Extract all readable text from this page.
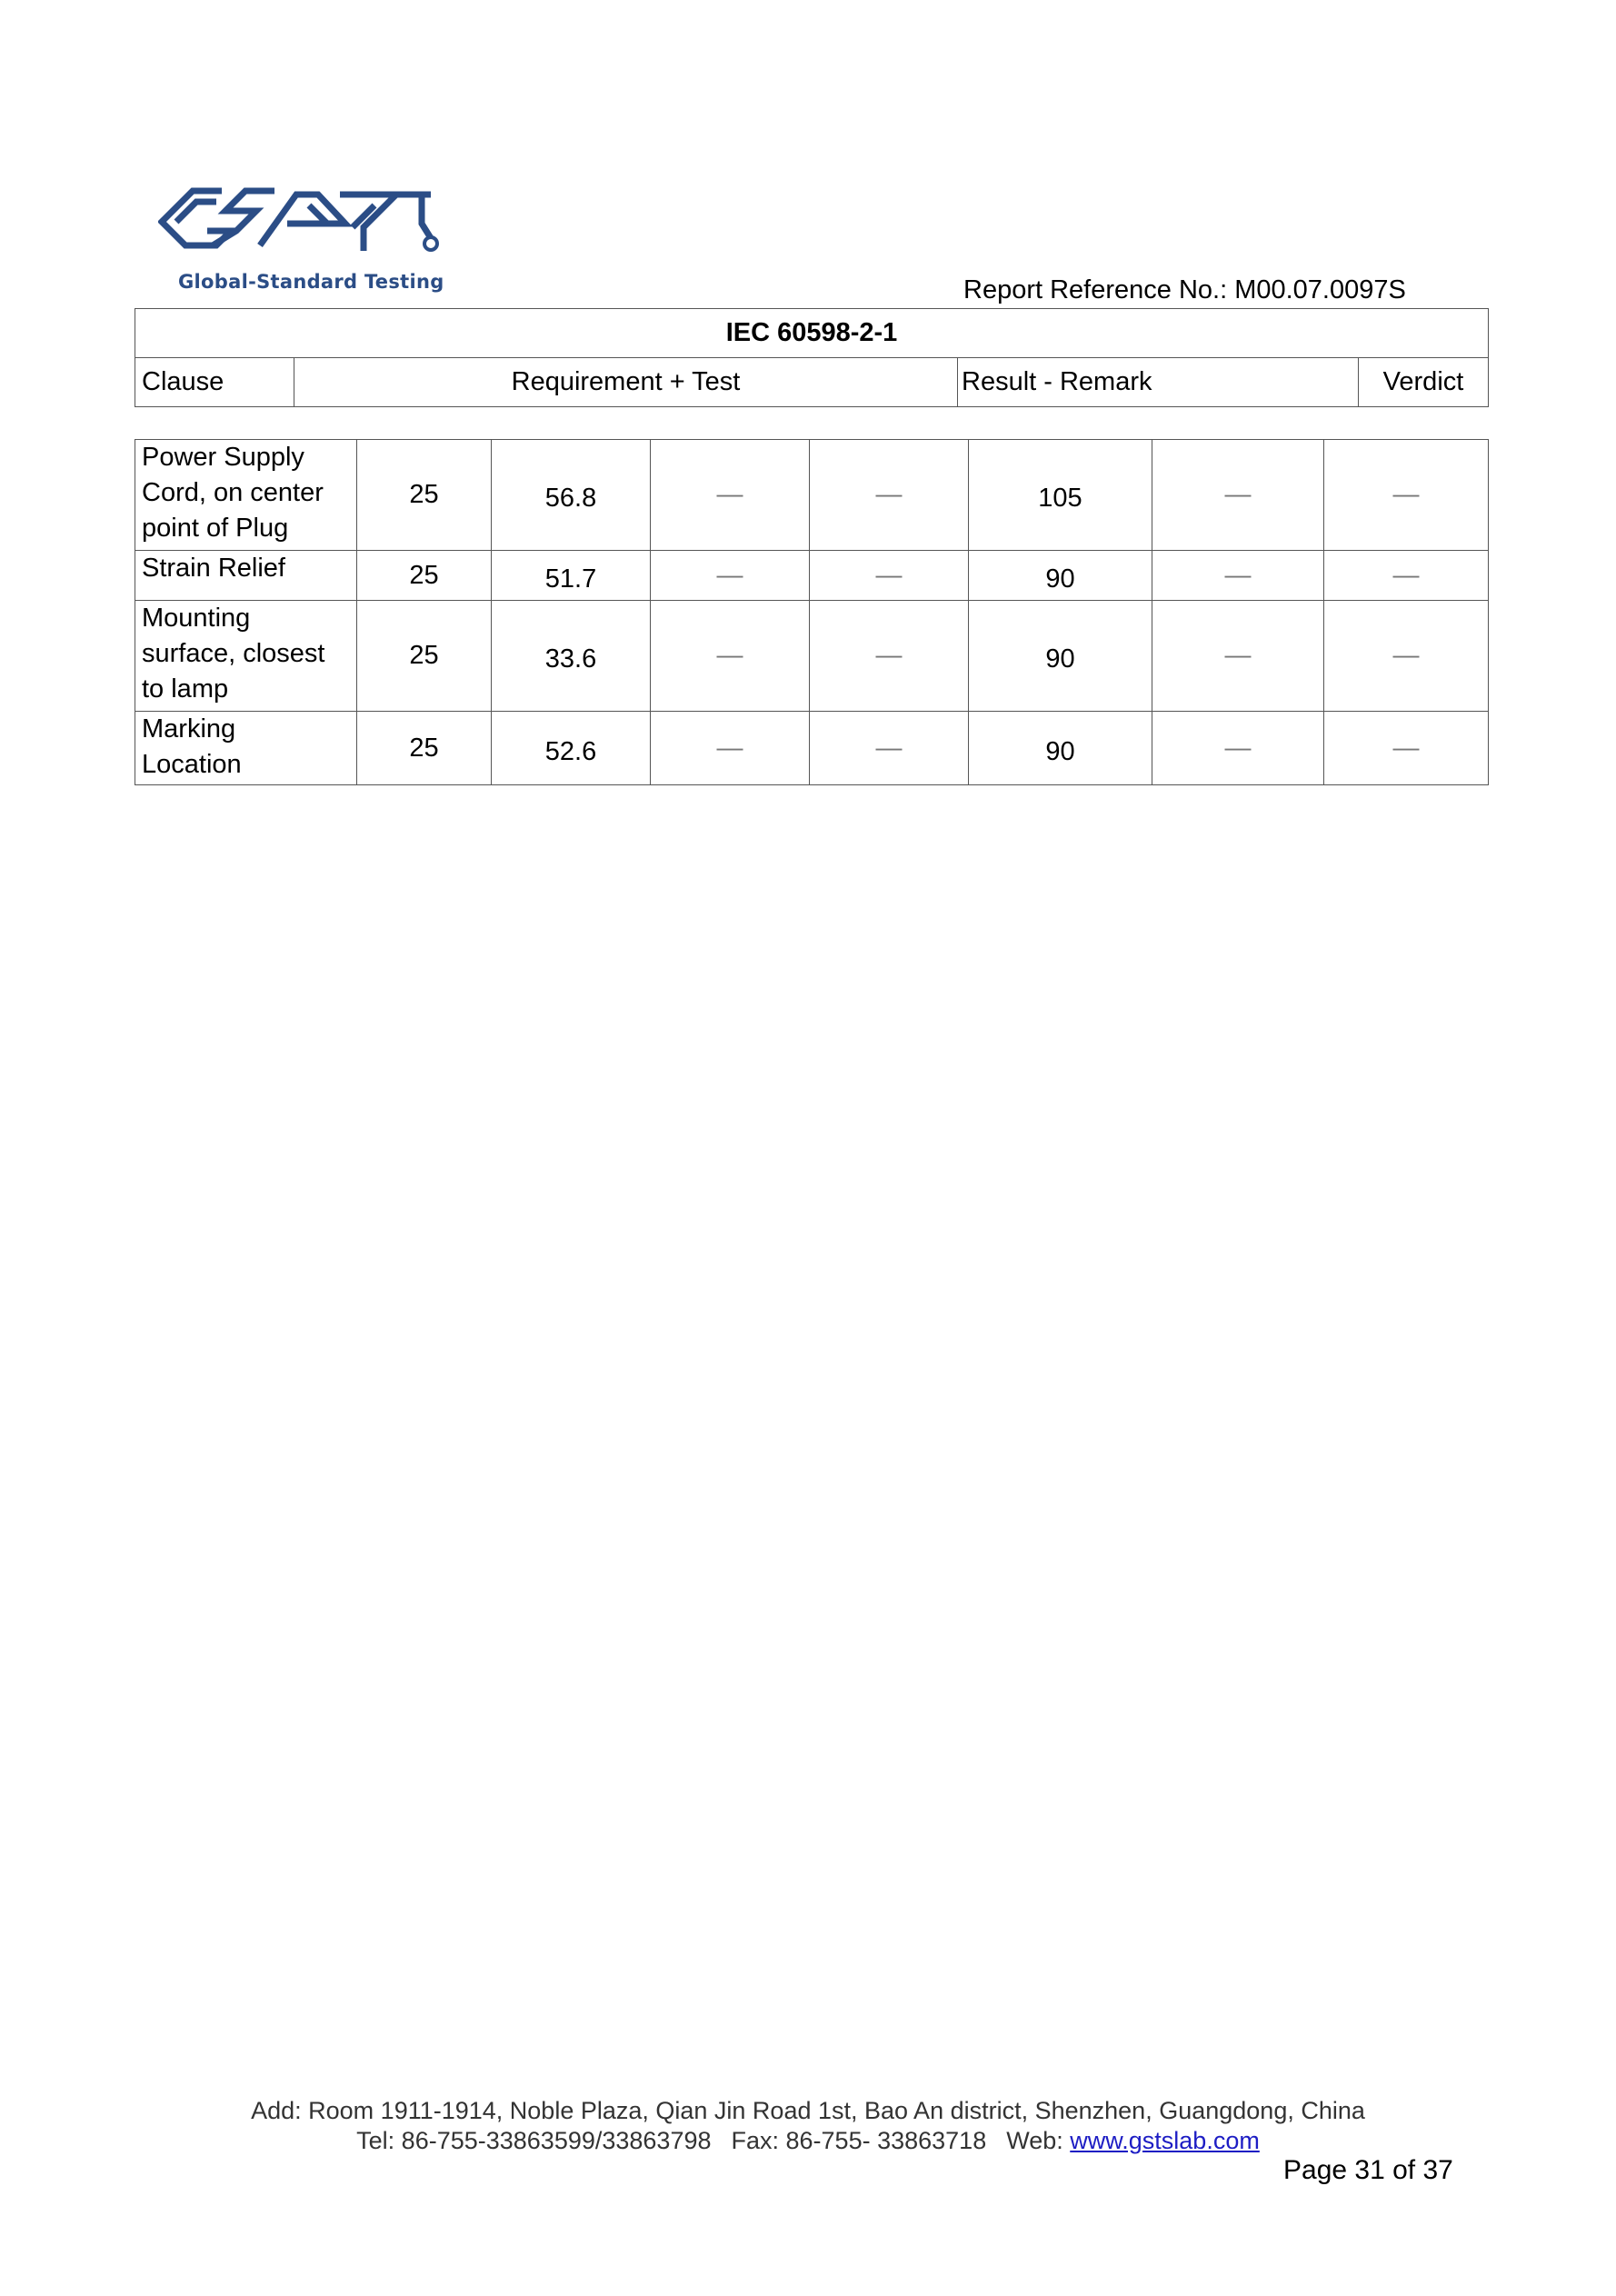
Global-Standard Testing	Report Reference No.: M00.07.0097S
IEC 60598-2-1
Clause	Requirement + Test	Result - Remark	Verdict
Power Supply
Cord, on center
point of Plug	25	56.8	—	—	105	—	—

Strain Relief	25	51.7	—	—	90	—	—

Mounting
surface, closest
to lamp	25	33.6	—	—	90	—	—

Marking
Location	25	52.6	—	—	90	—	—
Add: Room 1911-1914, Noble Plaza, Qian Jin Road 1st, Bao An district, Shenzhen, Guangdong, China
Tel: 86-755-33863599/33863798 Fax: 86-755- 33863718 Web: www.gstslab.com
Page 31 of 37
